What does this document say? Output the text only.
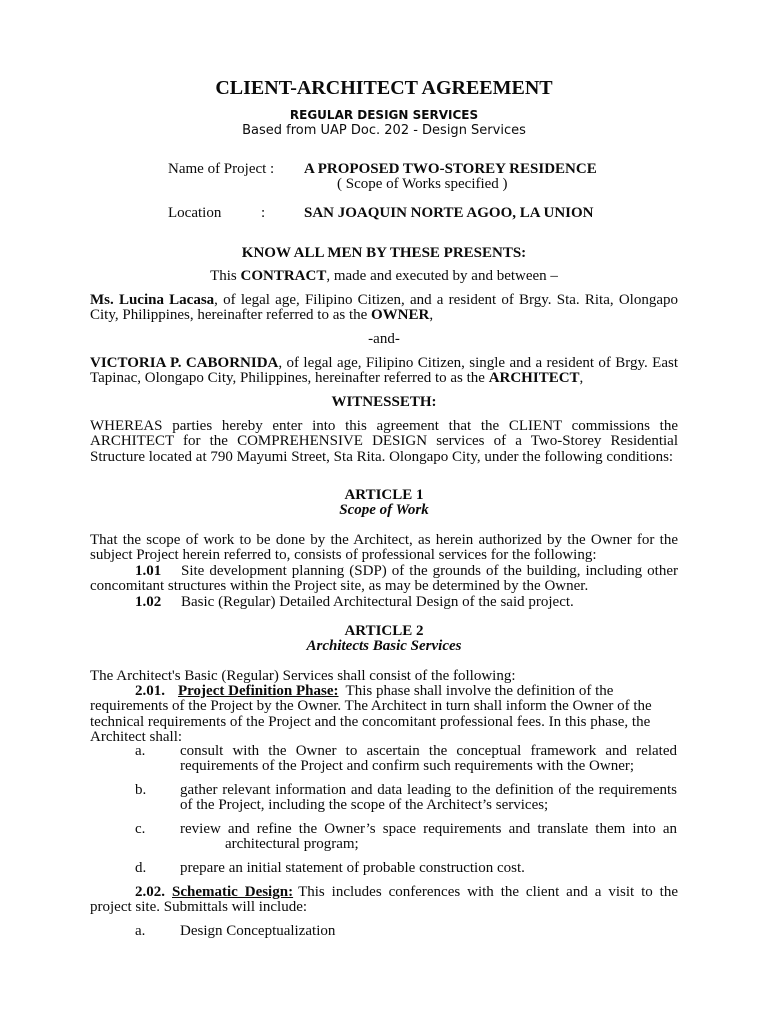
CLIENT-ARCHITECT AGREEMENT
REGULAR DESIGN SERVICES
Based from UAP Doc. 202 - Design Services
Name of Project : A PROPOSED TWO-STOREY RESIDENCE
( Scope of Works specified )
Location	:	SAN JOAQUIN NORTE AGOO, LA UNION
KNOW ALL MEN BY THESE PRESENTS:

This CONTRACT, made and executed by and between –

Ms. Lucina Lacasa, of legal age, Filipino Citizen, and a resident of Brgy. Sta. Rita, Olongapo City, Philippines, hereinafter referred to as the OWNER,

-and-

VICTORIA P. CABORNIDA, of legal age, Filipino Citizen, single and a resident of Brgy. East Tapinac, Olongapo City, Philippines, hereinafter referred to as the ARCHITECT,

WITNESSETH:

WHEREAS parties hereby enter into this agreement that the CLIENT commissions the ARCHITECT for the COMPREHENSIVE DESIGN services of a Two-Storey Residential Structure located at 790 Mayumi Street, Sta Rita. Olongapo City, under the following conditions:

ARTICLE 1
Scope of Work

That the scope of work to be done by the Architect, as herein authorized by the Owner for the subject Project herein referred to, consists of professional services for the following:

1.01 Site development planning (SDP) of the grounds of the building, including other concomitant structures within the Project site, as may be determined by the Owner.

1.02 Basic (Regular) Detailed Architectural Design of the said project.

ARTICLE 2
Architects Basic Services

The Architect's Basic (Regular) Services shall consist of the following:

2.01. Project Definition Phase: This phase shall involve the definition of the requirements of the Project by the Owner. The Architect in turn shall inform the Owner of the technical requirements of the Project and the concomitant professional fees. In this phase, the Architect shall:

a. consult with the Owner to ascertain the conceptual framework and related requirements of the Project and confirm such requirements with the Owner;
b. gather relevant information and data leading to the definition of the requirements of the Project, including the scope of the Architect’s services;
c. review and refine the Owner’s space requirements and translate them into an architectural program;
d. prepare an initial statement of probable construction cost.

2.02. Schematic Design: This includes conferences with the client and a visit to the project site. Submittals will include:

a. Design Conceptualization
